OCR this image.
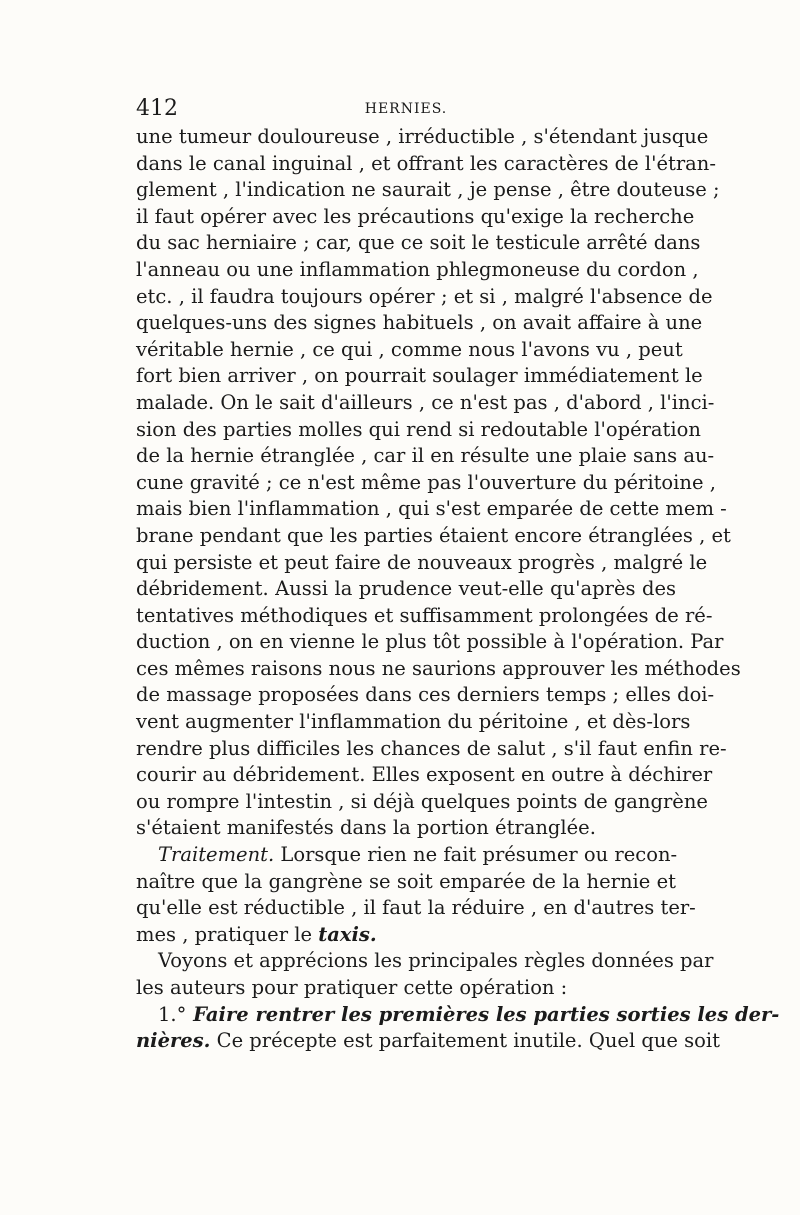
412	HERNIES.
une tumeur douloureuse , irréductible , s'étendant jusque
dans le canal inguinal , et offrant les caractères de l'étran-
glement , l'indication ne saurait , je pense , être douteuse ;
il faut opérer avec les précautions qu'exige la recherche
du sac herniaire ; car, que ce soit le testicule arrêté dans
l'anneau ou une inflammation phlegmoneuse du cordon ,
etc. , il faudra toujours opérer ; et si , malgré l'absence de
quelques-uns des signes habituels , on avait affaire à une
véritable hernie , ce qui , comme nous l'avons vu , peut
fort bien arriver , on pourrait soulager immédiatement le
malade. On le sait d'ailleurs , ce n'est pas , d'abord , l'inci-
sion des parties molles qui rend si redoutable l'opération
de la hernie étranglée , car il en résulte une plaie sans au-
cune gravité ; ce n'est même pas l'ouverture du péritoine ,
mais bien l'inflammation , qui s'est emparée de cette mem -
brane pendant que les parties étaient encore étranglées , et
qui persiste et peut faire de nouveaux progrès , malgré le
débridement. Aussi la prudence veut-elle qu'après des
tentatives méthodiques et suffisamment prolongées de ré-
duction , on en vienne le plus tôt possible à l'opération. Par
ces mêmes raisons nous ne saurions approuver les méthodes
de massage proposées dans ces derniers temps ; elles doi-
vent augmenter l'inflammation du péritoine , et dès-lors
rendre plus difficiles les chances de salut , s'il faut enfin re-
courir au débridement. Elles exposent en outre à déchirer
ou rompre l'intestin , si déjà quelques points de gangrène
s'étaient manifestés dans la portion étranglée.
Traitement. Lorsque rien ne fait présumer ou recon-
naître que la gangrène se soit emparée de la hernie et
qu'elle est réductible , il faut la réduire , en d'autres ter-
mes , pratiquer le taxis.
Voyons et apprécions les principales règles données par
les auteurs pour pratiquer cette opération :
1.° Faire rentrer les premières les parties sorties les der-
nières. Ce précepte est parfaitement inutile. Quel que soit
